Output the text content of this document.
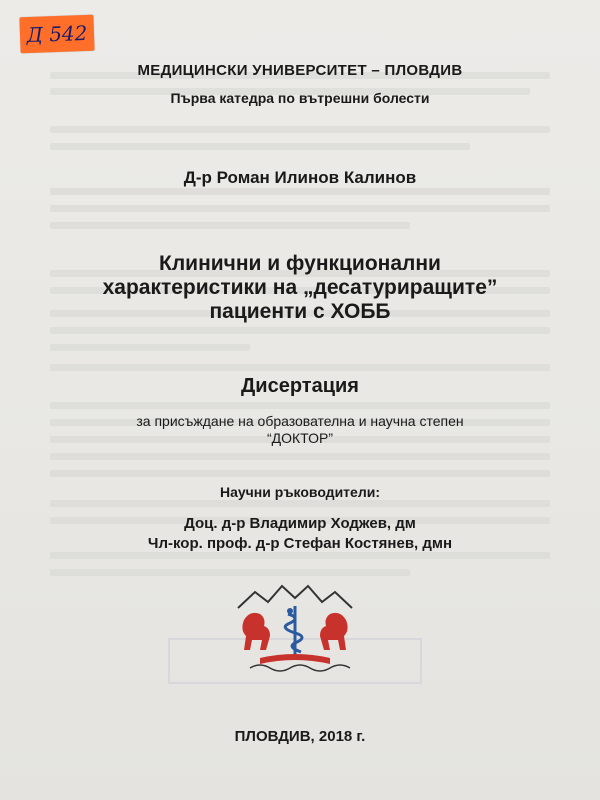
Д 542
МЕДИЦИНСКИ УНИВЕРСИТЕТ – ПЛОВДИВ
Първа катедра по вътрешни болести
Д-р Роман Илинов Калинов
Клинични и функционални
характеристики на „десатуриращите”
пациенти с ХОББ
Дисертация
за присъждане на образователна и научна степен
“ДОКТОР”
Научни ръководители:
Доц. д-р Владимир Ходжев, дм
Чл-кор. проф. д-р Стефан Костянев, дмн
ПЛОВДИВ, 2018 г.
